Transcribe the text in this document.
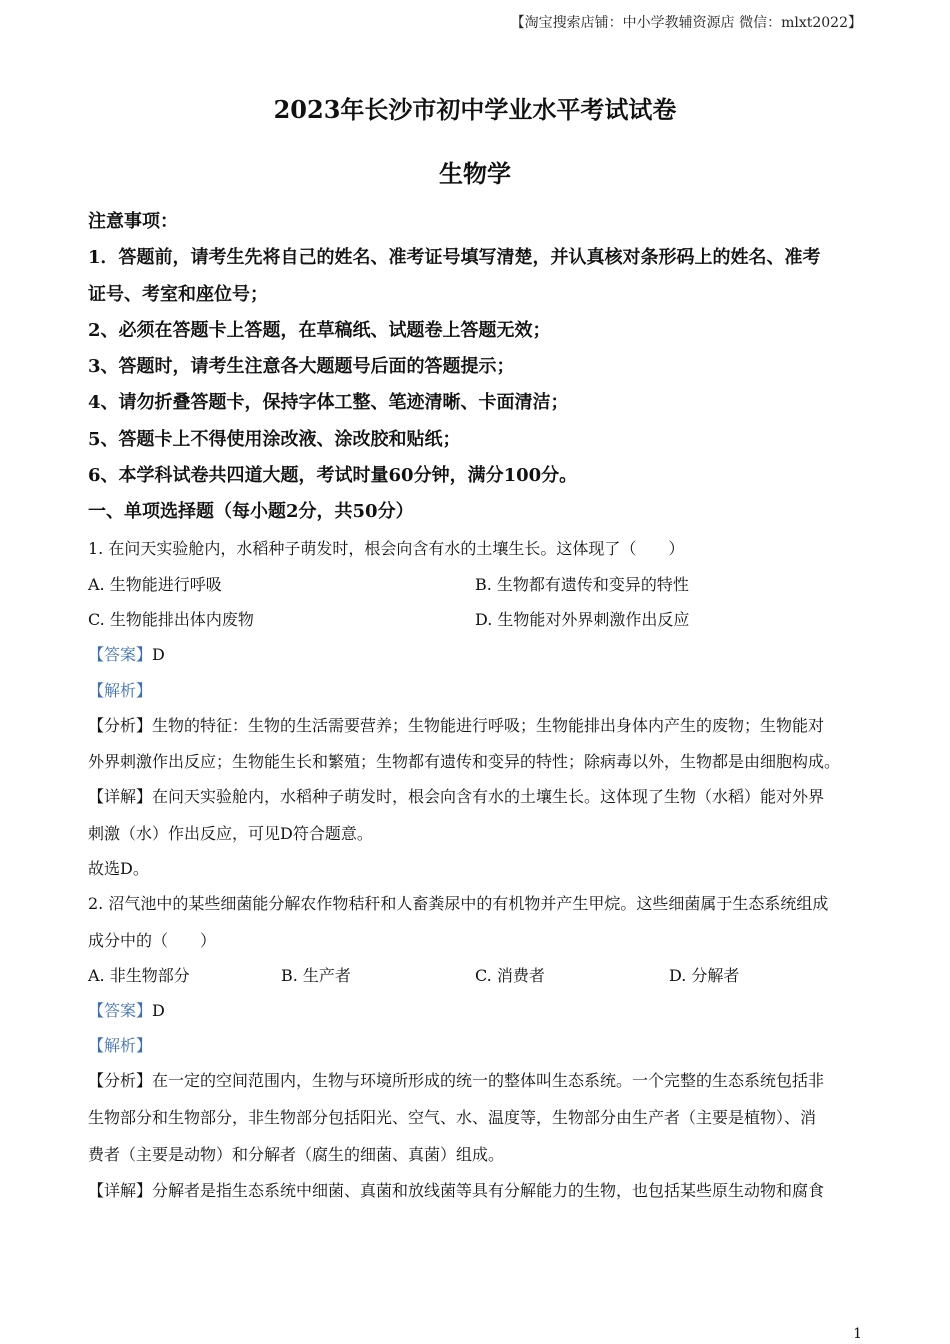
【淘宝搜索店铺：中小学教辅资源店 微信：mlxt2022】
2023年长沙市初中学业水平考试试卷
生物学
注意事项：
1．答题前，请考生先将自己的姓名、准考证号填写清楚，并认真核对条形码上的姓名、准考
证号、考室和座位号；
2、必须在答题卡上答题，在草稿纸、试题卷上答题无效；
3、答题时，请考生注意各大题题号后面的答题提示；
4、请勿折叠答题卡，保持字体工整、笔迹清晰、卡面清洁；
5、答题卡上不得使用涂改液、涂改胶和贴纸；
6、本学科试卷共四道大题，考试时量60分钟，满分100分。
一、单项选择题（每小题2分，共50分）
1. 在问天实验舱内，水稻种子萌发时，根会向含有水的土壤生长。这体现了（　　）
A. 生物能进行呼吸	B. 生物都有遗传和变异的特性
C. 生物能排出体内废物	D. 生物能对外界刺激作出反应
【答案】D
【解析】
【分析】生物的特征：生物的生活需要营养；生物能进行呼吸；生物能排出身体内产生的废物；生物能对
外界刺激作出反应；生物能生长和繁殖；生物都有遗传和变异的特性；除病毒以外，生物都是由细胞构成。
【详解】在问天实验舱内，水稻种子萌发时，根会向含有水的土壤生长。这体现了生物（水稻）能对外界
刺激（水）作出反应，可见D符合题意。
故选D。
2. 沼气池中的某些细菌能分解农作物秸秆和人畜粪尿中的有机物并产生甲烷。这些细菌属于生态系统组成
成分中的（　　）
A. 非生物部分	B. 生产者	C. 消费者	D. 分解者
【答案】D
【解析】
【分析】在一定的空间范围内，生物与环境所形成的统一的整体叫生态系统。一个完整的生态系统包括非
生物部分和生物部分，非生物部分包括阳光、空气、水、温度等，生物部分由生产者（主要是植物）、消
费者（主要是动物）和分解者（腐生的细菌、真菌）组成。
【详解】分解者是指生态系统中细菌、真菌和放线菌等具有分解能力的生物，也包括某些原生动物和腐食
1
